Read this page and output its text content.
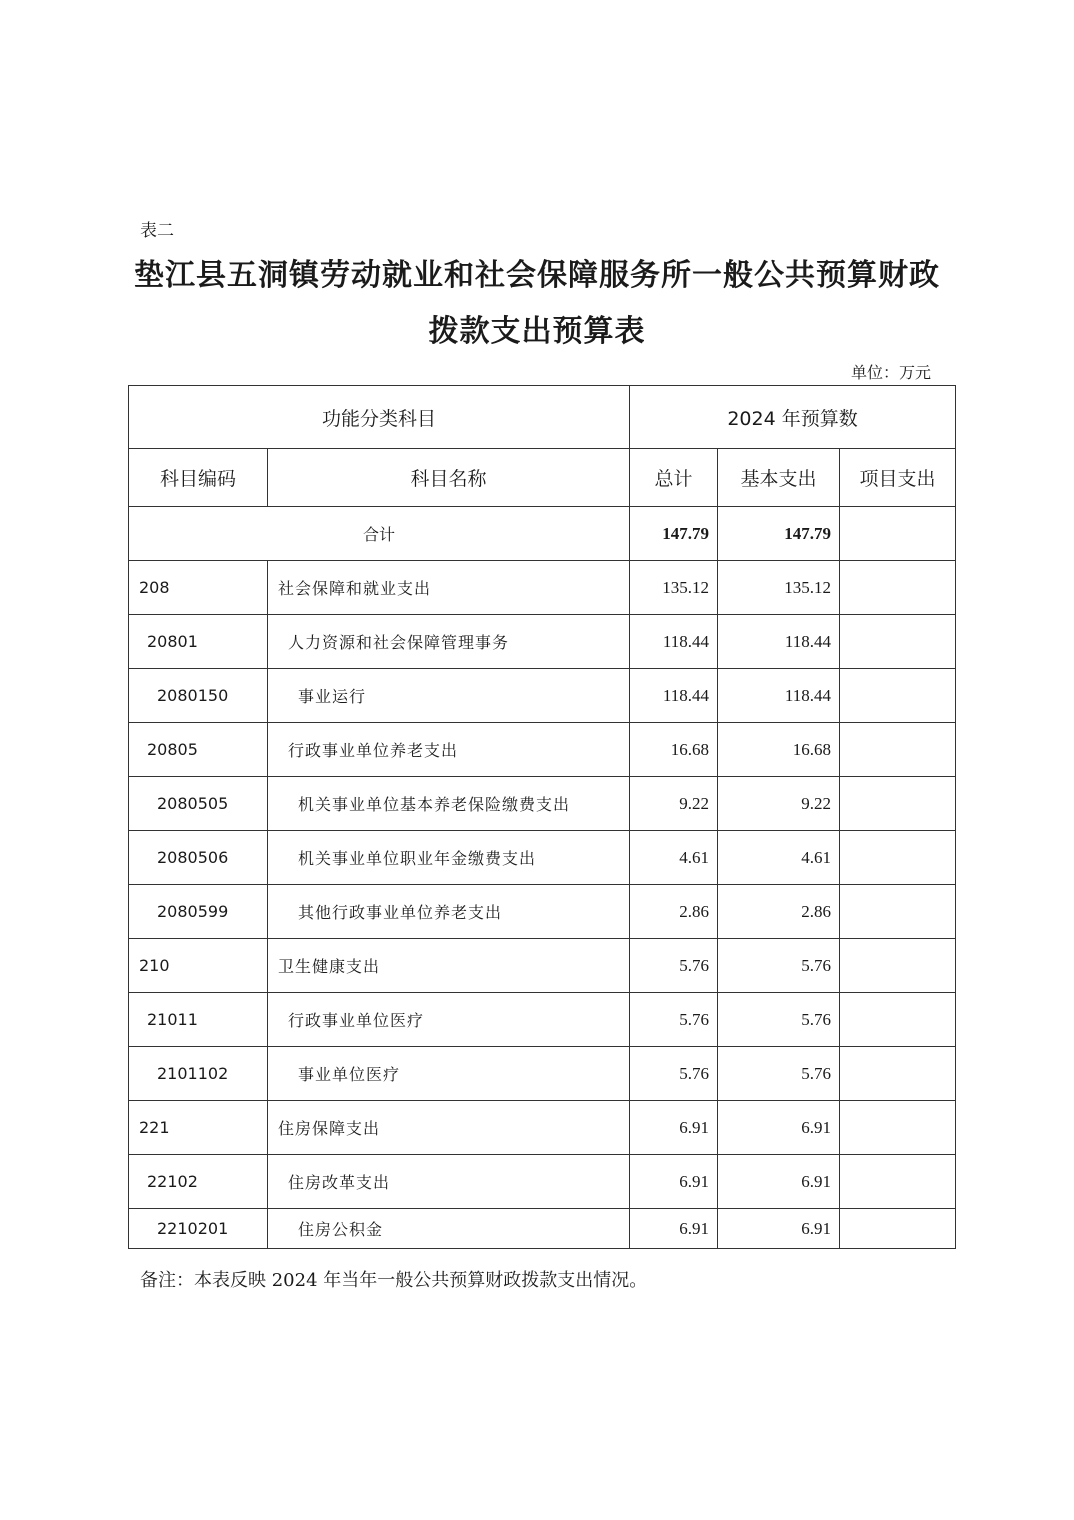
表二
垫江县五洞镇劳动就业和社会保障服务所一般公共预算财政
拨款支出预算表
单位：万元
功能分类科目		2024 年预算数		
科目编码	科目名称	总计	基本支出	项目支出
合计		147.79	147.79	
208	社会保障和就业支出	135.12	135.12	
20801	人力资源和社会保障管理事务	118.44	118.44	
2080150	事业运行	118.44	118.44	
20805	行政事业单位养老支出	16.68	16.68	
2080505	机关事业单位基本养老保险缴费支出	9.22	9.22	
2080506	机关事业单位职业年金缴费支出	4.61	4.61	
2080599	其他行政事业单位养老支出	2.86	2.86	
210	卫生健康支出	5.76	5.76	
21011	行政事业单位医疗	5.76	5.76	
2101102	事业单位医疗	5.76	5.76	
221	住房保障支出	6.91	6.91	
22102	住房改革支出	6.91	6.91	
2210201	住房公积金	6.91	6.91	
备注：本表反映 2024 年当年一般公共预算财政拨款支出情况。
